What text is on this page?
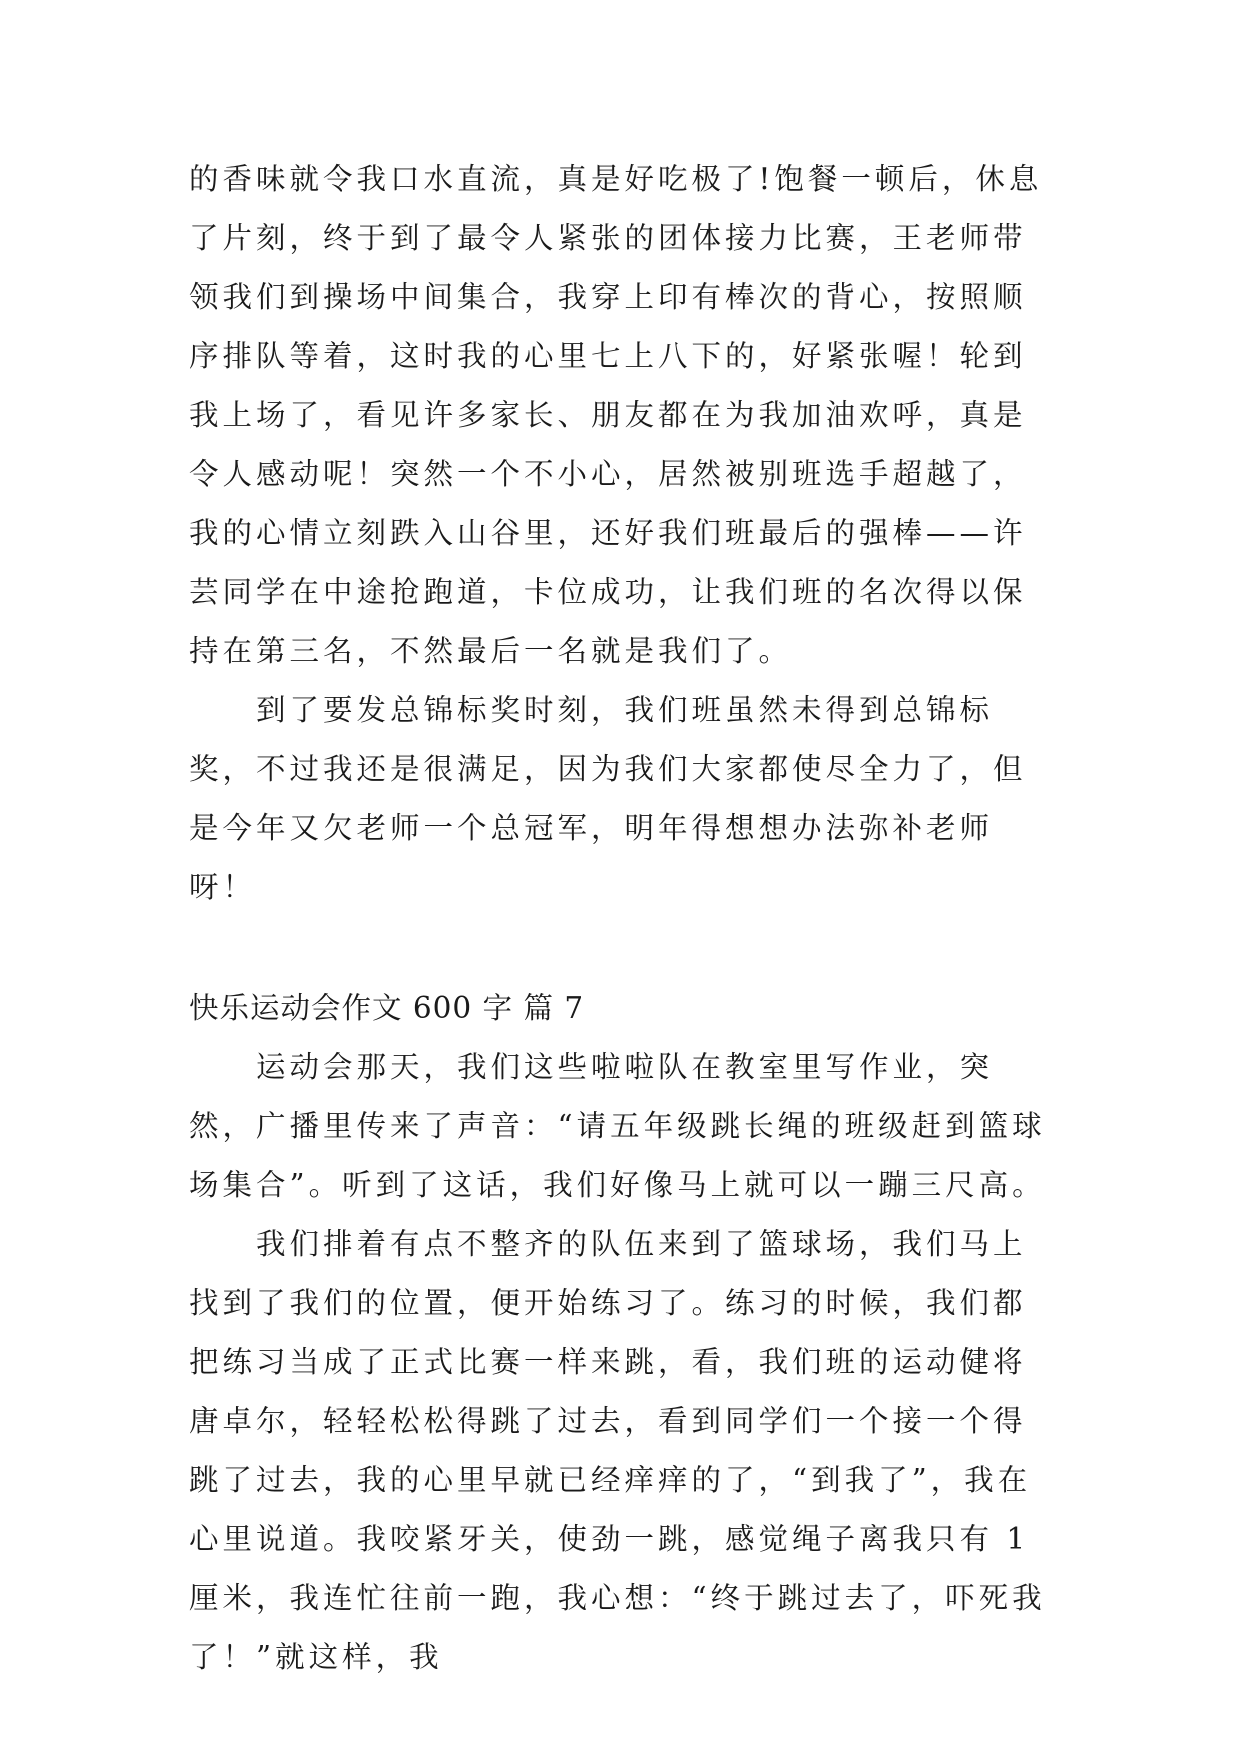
的香味就令我口水直流，真是好吃极了!饱餐一顿后，休息了片刻，终于到了最令人紧张的团体接力比赛，王老师带领我们到操场中间集合，我穿上印有棒次的背心，按照顺序排队等着，这时我的心里七上八下的，好紧张喔！轮到我上场了，看见许多家长、朋友都在为我加油欢呼，真是令人感动呢！突然一个不小心，居然被别班选手超越了，我的心情立刻跌入山谷里，还好我们班最后的强棒——许芸同学在中途抢跑道，卡位成功，让我们班的名次得以保持在第三名，不然最后一名就是我们了。

到了要发总锦标奖时刻，我们班虽然未得到总锦标奖，不过我还是很满足，因为我们大家都使尽全力了，但是今年又欠老师一个总冠军，明年得想想办法弥补老师呀！

快乐运动会作文 600 字 篇 7

运动会那天，我们这些啦啦队在教室里写作业，突然，广播里传来了声音：“请五年级跳长绳的班级赶到篮球场集合”。听到了这话，我们好像马上就可以一蹦三尺高。

我们排着有点不整齐的队伍来到了篮球场，我们马上找到了我们的位置，便开始练习了。练习的时候，我们都把练习当成了正式比赛一样来跳，看，我们班的运动健将唐卓尔，轻轻松松得跳了过去，看到同学们一个接一个得跳了过去，我的心里早就已经痒痒的了，“到我了”，我在心里说道。我咬紧牙关，使劲一跳，感觉绳子离我只有 1 厘米，我连忙往前一跑，我心想：“终于跳过去了，吓死我了！”就这样，我
